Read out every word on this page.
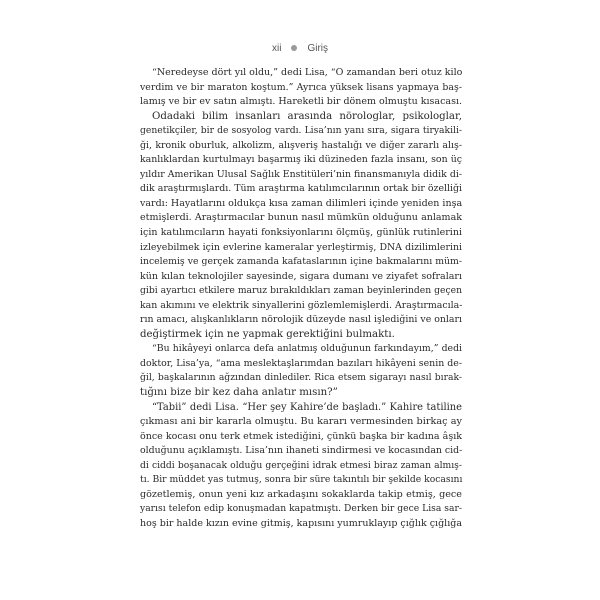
xii	Giriş
“Neredeyse dört yıl oldu,” dedi Lisa, “O zamandan beri otuz kilo
verdim ve bir maraton koştum.” Ayrıca yüksek lisans yapmaya baş-
lamış ve bir ev satın almıştı. Hareketli bir dönem olmuştu kısacası.
Odadaki bilim insanları arasında nörologlar, psikologlar,
genetikçiler, bir de sosyolog vardı. Lisa’nın yanı sıra, sigara tiryakili-
ği, kronik oburluk, alkolizm, alışveriş hastalığı ve diğer zararlı alış-
kanlıklardan kurtulmayı başarmış iki düzineden fazla insanı, son üç
yıldır Amerikan Ulusal Sağlık Enstitüleri’nin finansmanıyla didik di-
dik araştırmışlardı. Tüm araştırma katılımcılarının ortak bir özelliği
vardı: Hayatlarını oldukça kısa zaman dilimleri içinde yeniden inşa
etmişlerdi. Araştırmacılar bunun nasıl mümkün olduğunu anlamak
için katılımcıların hayati fonksiyonlarını ölçmüş, günlük rutinlerini
izleyebilmek için evlerine kameralar yerleştirmiş, DNA dizilimlerini
incelemiş ve gerçek zamanda kafataslarının içine bakmalarını müm-
kün kılan teknolojiler sayesinde, sigara dumanı ve ziyafet sofraları
gibi ayartıcı etkilere maruz bırakıldıkları zaman beyinlerinden geçen
kan akımını ve elektrik sinyallerini gözlemlemişlerdi. Araştırmacıla-
rın amacı, alışkanlıkların nörolojik düzeyde nasıl işlediğini ve onları
değiştirmek için ne yapmak gerektiğini bulmaktı.
“Bu hikâyeyi onlarca defa anlatmış olduğunun farkındayım,” dedi
doktor, Lisa’ya, “ama meslektaşlarımdan bazıları hikâyeni senin de-
ğil, başkalarının ağzından dinlediler. Rica etsem sigarayı nasıl bırak-
tığını bize bir kez daha anlatır mısın?”
“Tabii” dedi Lisa. “Her şey Kahire’de başladı.” Kahire tatiline
çıkması ani bir kararla olmuştu. Bu kararı vermesinden birkaç ay
önce kocası onu terk etmek istediğini, çünkü başka bir kadına âşık
olduğunu açıklamıştı. Lisa’nın ihaneti sindirmesi ve kocasından cid-
di ciddi boşanacak olduğu gerçeğini idrak etmesi biraz zaman almış-
tı. Bir müddet yas tutmuş, sonra bir süre takıntılı bir şekilde kocasını
gözetlemiş, onun yeni kız arkadaşını sokaklarda takip etmiş, gece
yarısı telefon edip konuşmadan kapatmıştı. Derken bir gece Lisa sar-
hoş bir halde kızın evine gitmiş, kapısını yumruklayıp çığlık çığlığa
